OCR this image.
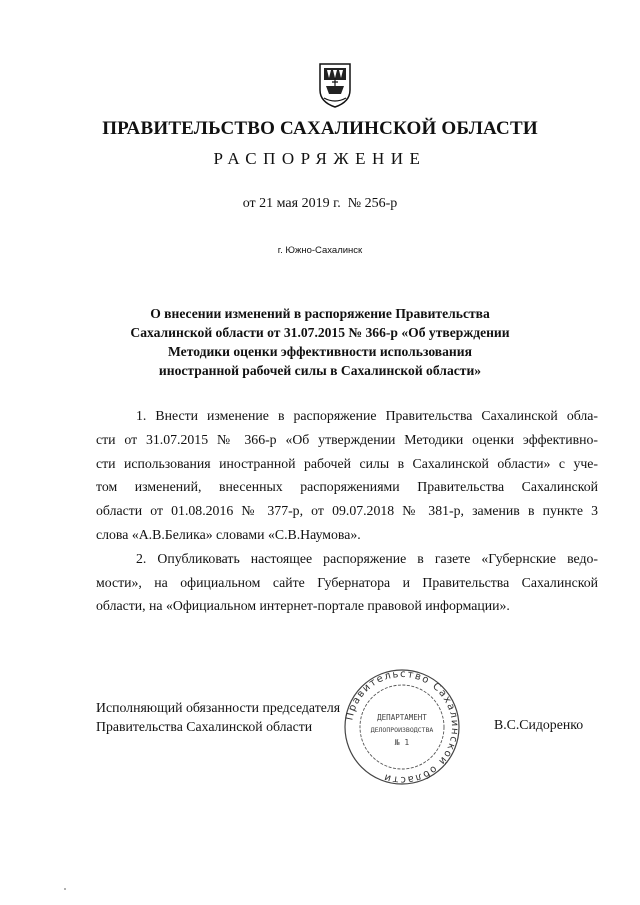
ПРАВИТЕЛЬСТВО САХАЛИНСКОЙ ОБЛАСТИ
РАСПОРЯЖЕНИЕ
от 21 мая 2019 г. № 256-р
г. Южно-Сахалинск
О внесении изменений в распоряжение Правительства
Сахалинской области от 31.07.2015 № 366-р «Об утверждении
Методики оценки эффективности использования
иностранной рабочей силы в Сахалинской области»
1. Внести изменение в распоряжение Правительства Сахалинской обла-
сти от 31.07.2015 № 366-р «Об утверждении Методики оценки эффективно-
сти использования иностранной рабочей силы в Сахалинской области» с уче-
том изменений, внесенных распоряжениями Правительства Сахалинской
области от 01.08.2016 № 377-р, от 09.07.2018 № 381-р, заменив в пункте 3
слова «А.В.Белика» словами «С.В.Наумова».
2. Опубликовать настоящее распоряжение в газете «Губернские ведо-
мости», на официальном сайте Губернатора и Правительства Сахалинской
области, на «Официальном интернет-портале правовой информации».
Правительство Сахалинской области
ДЕПАРТАМЕНТ
ДЕЛОПРОИЗВОДСТВА
№ 1
Исполняющий обязанности председателя
Правительства Сахалинской области	В.С.Сидоренко
